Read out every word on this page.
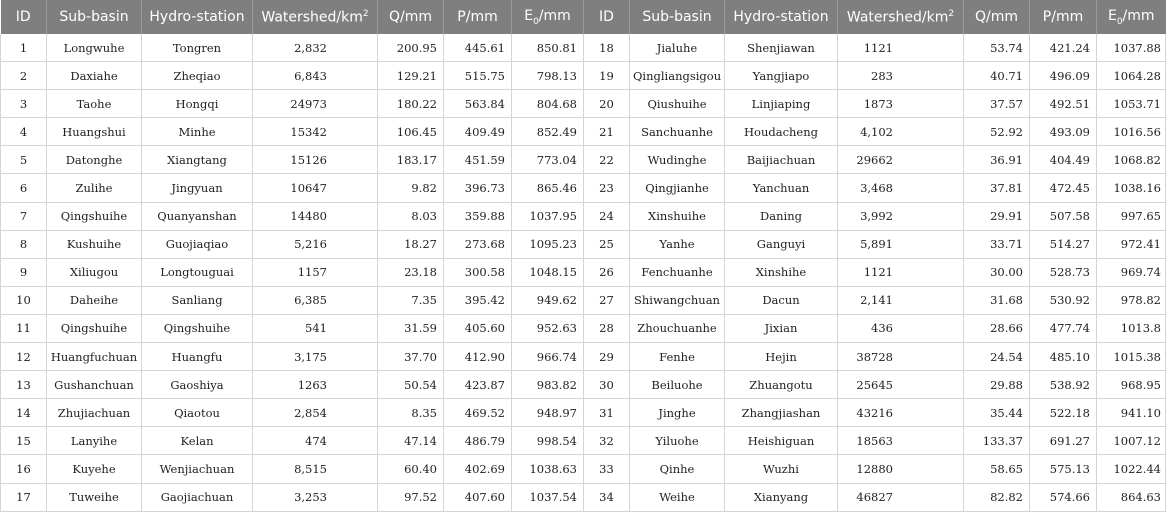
ID	Sub-basin	Hydro-station	Watershed/$km^2$	Q/mm	P/mm	$E_0/mm$	ID	Sub-basin	Hydro-station	Watershed/$km^2$	Q/mm	P/mm	$E_0/mm$
1	Longwuhe	Tongren	2,832	200.95	445.61	850.81	18	Jialuhe	Shenjiawan	1121	53.74	421.24	1037.88
2	Daxiahe	Zheqiao	6,843	129.21	515.75	798.13	19	Qingliangsigou	Yangjiapo	283	40.71	496.09	1064.28
3	Taohe	Hongqi	24973	180.22	563.84	804.68	20	Qiushuihe	Linjiaping	1873	37.57	492.51	1053.71
4	Huangshui	Minhe	15342	106.45	409.49	852.49	21	Sanchuanhe	Houdacheng	4,102	52.92	493.09	1016.56
5	Datonghe	Xiangtang	15126	183.17	451.59	773.04	22	Wudinghe	Baijiachuan	29662	36.91	404.49	1068.82
6	Zulihe	Jingyuan	10647	9.82	396.73	865.46	23	Qingjianhe	Yanchuan	3,468	37.81	472.45	1038.16
7	Qingshuihe	Quanyanshan	14480	8.03	359.88	1037.95	24	Xinshuihe	Daning	3,992	29.91	507.58	997.65
8	Kushuihe	Guojiaqiao	5,216	18.27	273.68	1095.23	25	Yanhe	Ganguyi	5,891	33.71	514.27	972.41
9	Xiliugou	Longtouguai	1157	23.18	300.58	1048.15	26	Fenchuanhe	Xinshihe	1121	30.00	528.73	969.74
10	Daheihe	Sanliang	6,385	7.35	395.42	949.62	27	Shiwangchuan	Dacun	2,141	31.68	530.92	978.82
11	Qingshuihe	Qingshuihe	541	31.59	405.60	952.63	28	Zhouchuanhe	Jixian	436	28.66	477.74	1013.8
12	Huangfuchuan	Huangfu	3,175	37.70	412.90	966.74	29	Fenhe	Hejin	38728	24.54	485.10	1015.38
13	Gushanchuan	Gaoshiya	1263	50.54	423.87	983.82	30	Beiluohe	Zhuangotu	25645	29.88	538.92	968.95
14	Zhujiachuan	Qiaotou	2,854	8.35	469.52	948.97	31	Jinghe	Zhangjiashan	43216	35.44	522.18	941.10
15	Lanyihe	Kelan	474	47.14	486.79	998.54	32	Yiluohe	Heishiguan	18563	133.37	691.27	1007.12
16	Kuyehe	Wenjiachuan	8,515	60.40	402.69	1038.63	33	Qinhe	Wuzhi	12880	58.65	575.13	1022.44
17	Tuweihe	Gaojiachuan	3,253	97.52	407.60	1037.54	34	Weihe	Xianyang	46827	82.82	574.66	864.63
